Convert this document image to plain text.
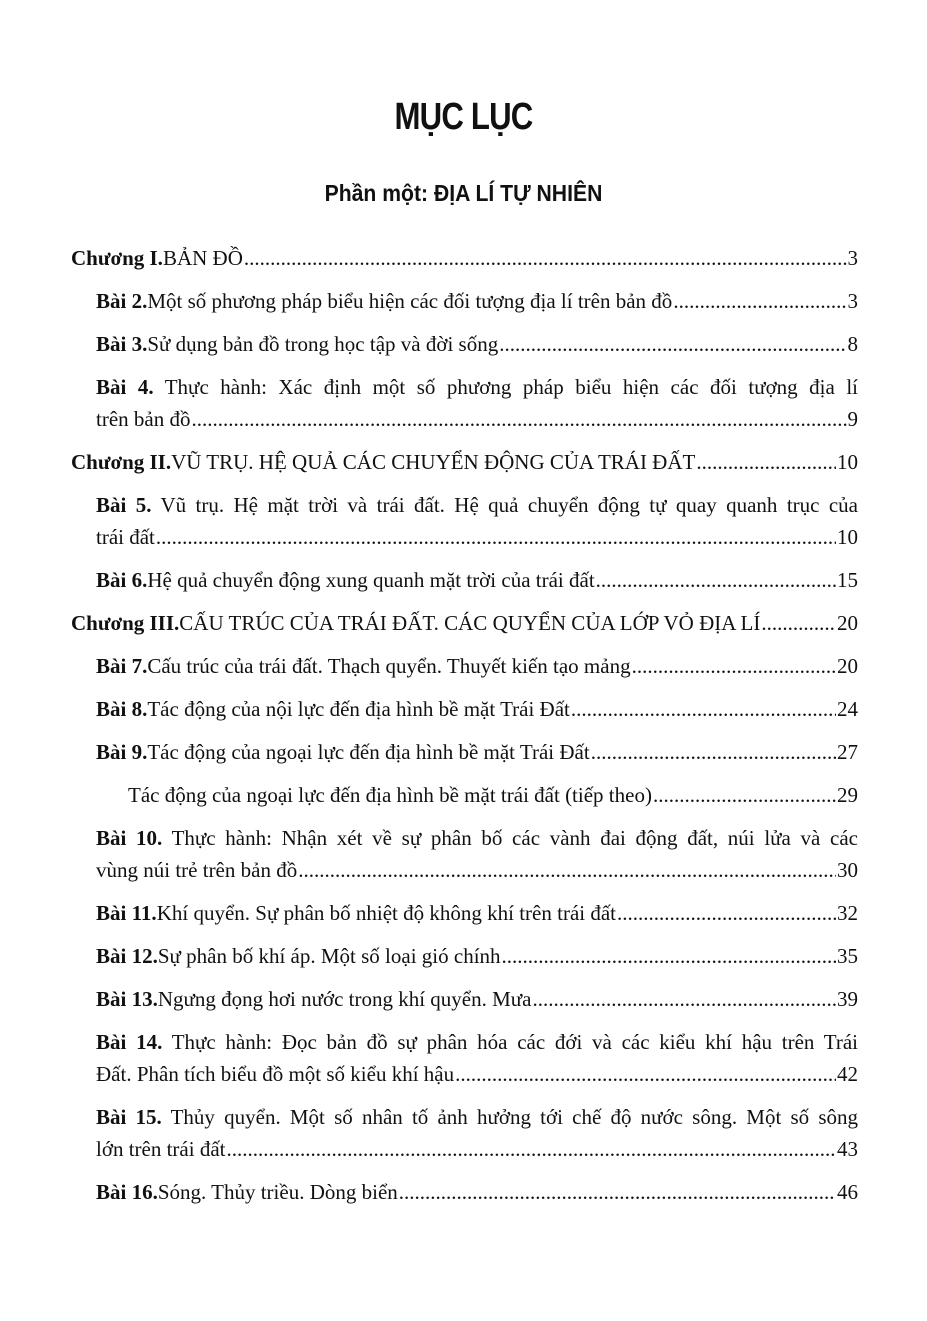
MỤC LỤC
Phần một: ĐỊA LÍ TỰ NHIÊN
Chương I. BẢN ĐỒ .....	3
Bài 2. Một số phương pháp biểu hiện các đối tượng địa lí trên bản đồ .....	3
Bài 3. Sử dụng bản đồ trong học tập và đời sống .....	8
Bài 4. Thực hành: Xác định một số phương pháp biểu hiện các đối tượng địa lí
trên bản đồ .....	9
Chương II. VŨ TRỤ. HỆ QUẢ CÁC CHUYỂN ĐỘNG CỦA TRÁI ĐẤT .....	10
Bài 5. Vũ trụ. Hệ mặt trời và trái đất. Hệ quả chuyển động tự quay quanh trục của
trái đất .....	10
Bài 6. Hệ quả chuyển động xung quanh mặt trời của trái đất .....	15
Chương III. CẤU TRÚC CỦA TRÁI ĐẤT. CÁC QUYỂN CỦA LỚP VỎ ĐỊA LÍ .....	20
Bài 7. Cấu trúc của trái đất. Thạch quyển. Thuyết kiến tạo mảng .....	20
Bài 8. Tác động của nội lực đến địa hình bề mặt Trái Đất .....	24
Bài 9. Tác động của ngoại lực đến địa hình bề mặt Trái Đất .....	27
Tác động của ngoại lực đến địa hình bề mặt trái đất (tiếp theo) .....	29
Bài 10. Thực hành: Nhận xét về sự phân bố các vành đai động đất, núi lửa và các
vùng núi trẻ trên bản đồ .....	30
Bài 11. Khí quyển. Sự phân bố nhiệt độ không khí trên trái đất .....	32
Bài 12. Sự phân bố khí áp. Một số loại gió chính .....	35
Bài 13. Ngưng đọng hơi nước trong khí quyển. Mưa .....	39
Bài 14. Thực hành: Đọc bản đồ sự phân hóa các đới và các kiểu khí hậu trên Trái
Đất. Phân tích biểu đồ một số kiểu khí hậu .....	42
Bài 15. Thủy quyển. Một số nhân tố ảnh hưởng tới chế độ nước sông. Một số sông
lớn trên trái đất .....	43
Bài 16. Sóng. Thủy triều. Dòng biển .....	46
